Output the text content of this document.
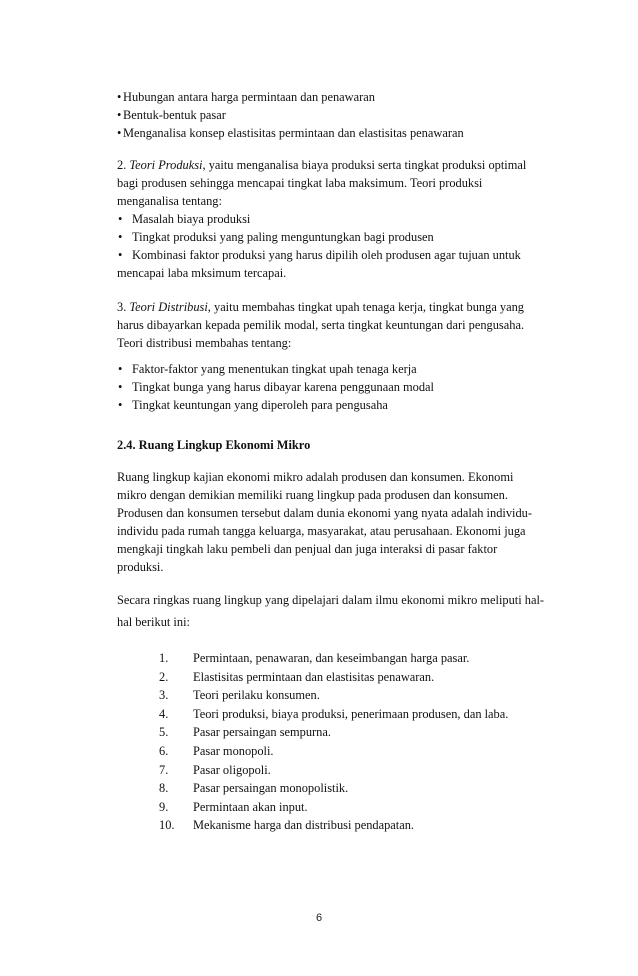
• Hubungan antara harga permintaan dan penawaran
• Bentuk-bentuk pasar
• Menganalisa konsep elastisitas permintaan dan elastisitas penawaran
2. Teori Produksi, yaitu menganalisa biaya produksi serta tingkat produksi optimal
bagi produsen sehingga mencapai tingkat laba maksimum. Teori produksi
menganalisa tentang:
• Masalah biaya produksi
• Tingkat produksi yang paling menguntungkan bagi produsen
• Kombinasi faktor produksi yang harus dipilih oleh produsen agar tujuan untuk
mencapai laba mksimum tercapai.
3. Teori Distribusi, yaitu membahas tingkat upah tenaga kerja, tingkat bunga yang
harus dibayarkan kepada pemilik modal, serta tingkat keuntungan dari pengusaha.
Teori distribusi membahas tentang:
• Faktor-faktor yang menentukan tingkat upah tenaga kerja
• Tingkat bunga yang harus dibayar karena penggunaan modal
• Tingkat keuntungan yang diperoleh para pengusaha
2.4. Ruang Lingkup Ekonomi Mikro
Ruang lingkup kajian ekonomi mikro adalah produsen dan konsumen. Ekonomi
mikro dengan demikian memiliki ruang lingkup pada produsen dan konsumen.
Produsen dan konsumen tersebut dalam dunia ekonomi yang nyata adalah individu-
individu pada rumah tangga keluarga, masyarakat, atau perusahaan. Ekonomi juga
mengkaji tingkah laku pembeli dan penjual dan juga interaksi di pasar faktor
produksi.
Secara ringkas ruang lingkup yang dipelajari dalam ilmu ekonomi mikro meliputi hal-
hal berikut ini:
1.	Permintaan, penawaran, dan keseimbangan harga pasar.
2.	Elastisitas permintaan dan elastisitas penawaran.
3.	Teori perilaku konsumen.
4.	Teori produksi, biaya produksi, penerimaan produsen, dan laba.
5.	Pasar persaingan sempurna.
6.	Pasar monopoli.
7.	Pasar oligopoli.
8.	Pasar persaingan monopolistik.
9.	Permintaan akan input.
10.	Mekanisme harga dan distribusi pendapatan.
6
